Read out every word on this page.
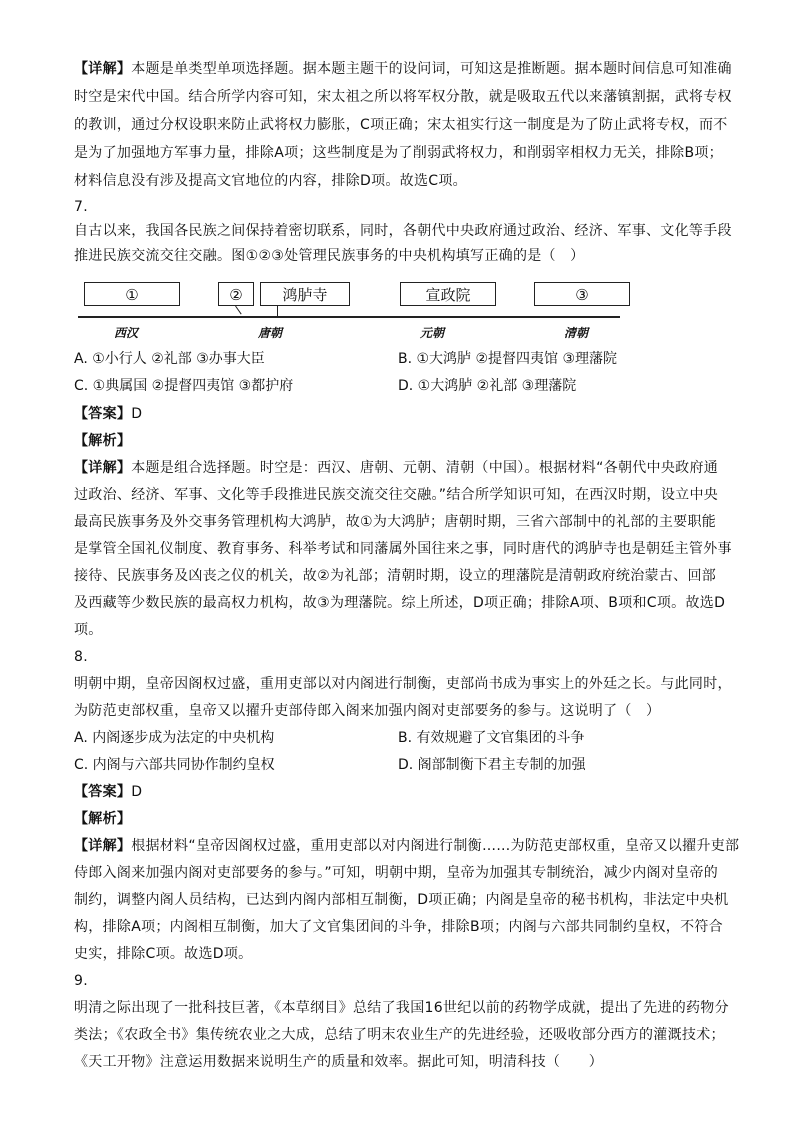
【详解】本题是单类型单项选择题。据本题主题干的设问词，可知这是推断题。据本题时间信息可知准确
时空是宋代中国。结合所学内容可知，宋太祖之所以将军权分散，就是吸取五代以来藩镇割据，武将专权
的教训，通过分权设职来防止武将权力膨胀，C项正确；宋太祖实行这一制度是为了防止武将专权，而不
是为了加强地方军事力量，排除A项；这些制度是为了削弱武将权力，和削弱宰相权力无关，排除B项；
材料信息没有涉及提高文官地位的内容，排除D项。故选C项。
7.
自古以来，我国各民族之间保持着密切联系，同时，各朝代中央政府通过政治、经济、军事、文化等手段
推进民族交流交往交融。图①②③处管理民族事务的中央机构填写正确的是（　）
①	②	鸿胪寺	宣政院	③
西汉	唐朝	元朝	清朝
A. ①小行人 ②礼部 ③办事大臣	B. ①大鸿胪 ②提督四夷馆 ③理藩院
C. ①典属国 ②提督四夷馆 ③都护府	D. ①大鸿胪 ②礼部 ③理藩院
【答案】D
【解析】
【详解】本题是组合选择题。时空是：西汉、唐朝、元朝、清朝（中国）。根据材料“各朝代中央政府通
过政治、经济、军事、文化等手段推进民族交流交往交融。”结合所学知识可知，在西汉时期，设立中央
最高民族事务及外交事务管理机构大鸿胪，故①为大鸿胪；唐朝时期，三省六部制中的礼部的主要职能
是掌管全国礼仪制度、教育事务、科举考试和同藩属外国往来之事，同时唐代的鸿胪寺也是朝廷主管外事
接待、民族事务及凶丧之仪的机关，故②为礼部；清朝时期，设立的理藩院是清朝政府统治蒙古、回部
及西藏等少数民族的最高权力机构，故③为理藩院。综上所述，D项正确；排除A项、B项和C项。故选D
项。
8.
明朝中期，皇帝因阁权过盛，重用吏部以对内阁进行制衡，吏部尚书成为事实上的外廷之长。与此同时，
为防范吏部权重，皇帝又以擢升吏部侍郎入阁来加强内阁对吏部要务的参与。这说明了（　）
A. 内阁逐步成为法定的中央机构	B. 有效规避了文官集团的斗争
C. 内阁与六部共同协作制约皇权	D. 阁部制衡下君主专制的加强
【答案】D
【解析】
【详解】根据材料“皇帝因阁权过盛，重用吏部以对内阁进行制衡……为防范吏部权重，皇帝又以擢升吏部
侍郎入阁来加强内阁对吏部要务的参与。”可知，明朝中期，皇帝为加强其专制统治，减少内阁对皇帝的
制约，调整内阁人员结构，已达到内阁内部相互制衡，D项正确；内阁是皇帝的秘书机构，非法定中央机
构，排除A项；内阁相互制衡，加大了文官集团间的斗争，排除B项；内阁与六部共同制约皇权，不符合
史实，排除C项。故选D项。
9.
明清之际出现了一批科技巨著，《本草纲目》总结了我国16世纪以前的药物学成就，提出了先进的药物分
类法；《农政全书》集传统农业之大成，总结了明末农业生产的先进经验，还吸收部分西方的灌溉技术；
《天工开物》注意运用数据来说明生产的质量和效率。据此可知，明清科技（　　）
